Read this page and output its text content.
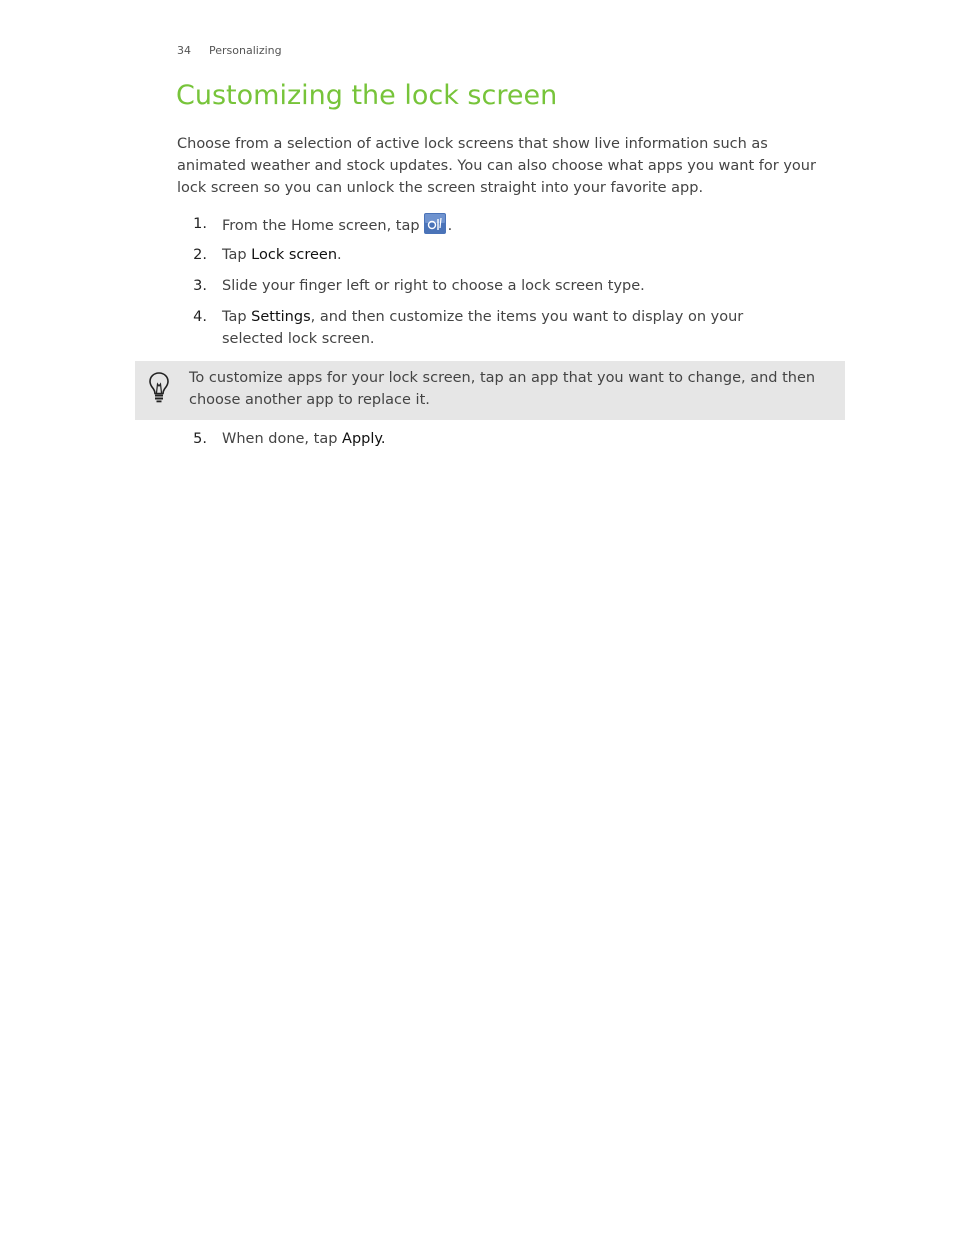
34 Personalizing
Customizing the lock screen

Choose from a selection of active lock screens that show live information such as animated weather and stock updates. You can also choose what apps you want for your lock screen so you can unlock the screen straight into your favorite app.

1. From the Home screen, tap .
2. Tap Lock screen.
3. Slide your finger left or right to choose a lock screen type.
4. Tap Settings, and then customize the items you want to display on your selected lock screen.
To customize apps for your lock screen, tap an app that you want to change, and then choose another app to replace it.
5. When done, tap Apply.
